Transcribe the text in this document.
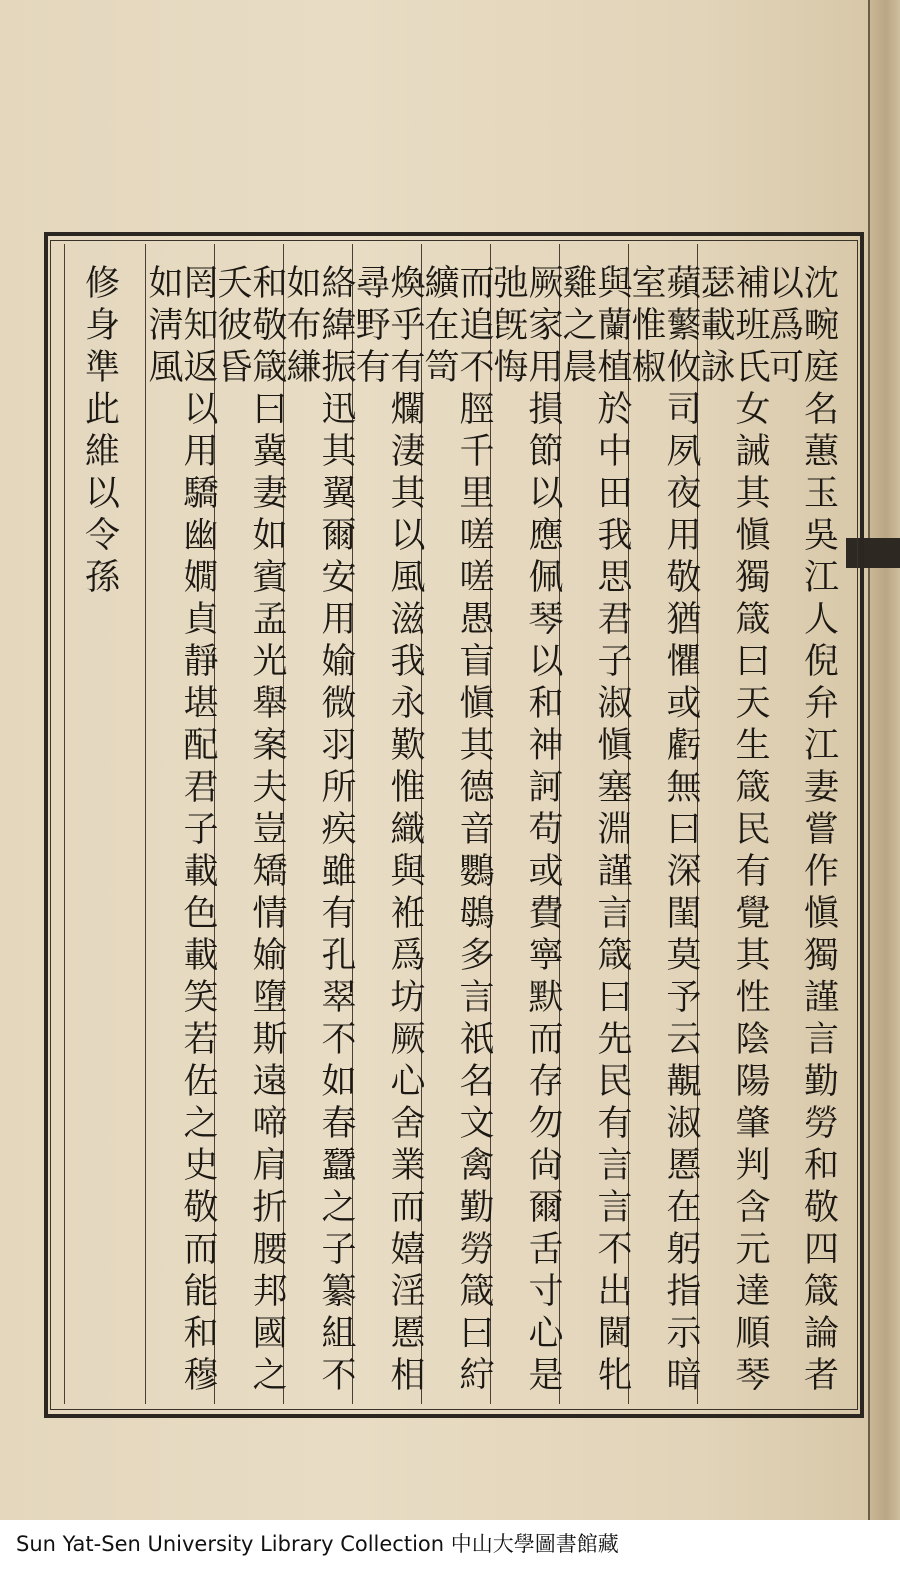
沈畹庭名蕙玉吳江人倪弁江妻嘗作愼獨謹言勤勞和敬四箴論者以爲可
補班氏女誡其愼獨箴曰天生箴民有覺其性陰陽肇判含元達順琴瑟載詠
蘋蘩攸司夙夜用敬猶懼或虧無曰深閨莫予云覯淑慝在躬指示暗室惟椒
與蘭植於中田我思君子淑愼塞淵謹言箴曰先民有言言不出閫牝雞之晨
厥家用損節以應佩琴以和神訶苟或費寧默而存勿尙爾舌寸心是弛旣悔
而追不脛千里嗟嗟愚盲愼其德音鸚䳇多言祇名文禽勤勞箴曰紵纊在笥
煥乎有爛淒其以風滋我永歎惟織與袵爲坊厥心舍業而嬉淫慝相尋野有
絡緯振迅其翼爾安用媮微羽所疾雖有孔翠不如春蠶之子纂組不如布縑
和敬箴曰冀妻如賓孟光舉案夫豈矯情媮墮斯遠啼肩折腰邦國之夭彼昏
罔知返以用驕幽嫺貞靜堪配君子載色載笑若佐之史敬而能和穆如淸風
修身準此維以令孫
Sun Yat-Sen University Library Collection 中山大學圖書館藏
